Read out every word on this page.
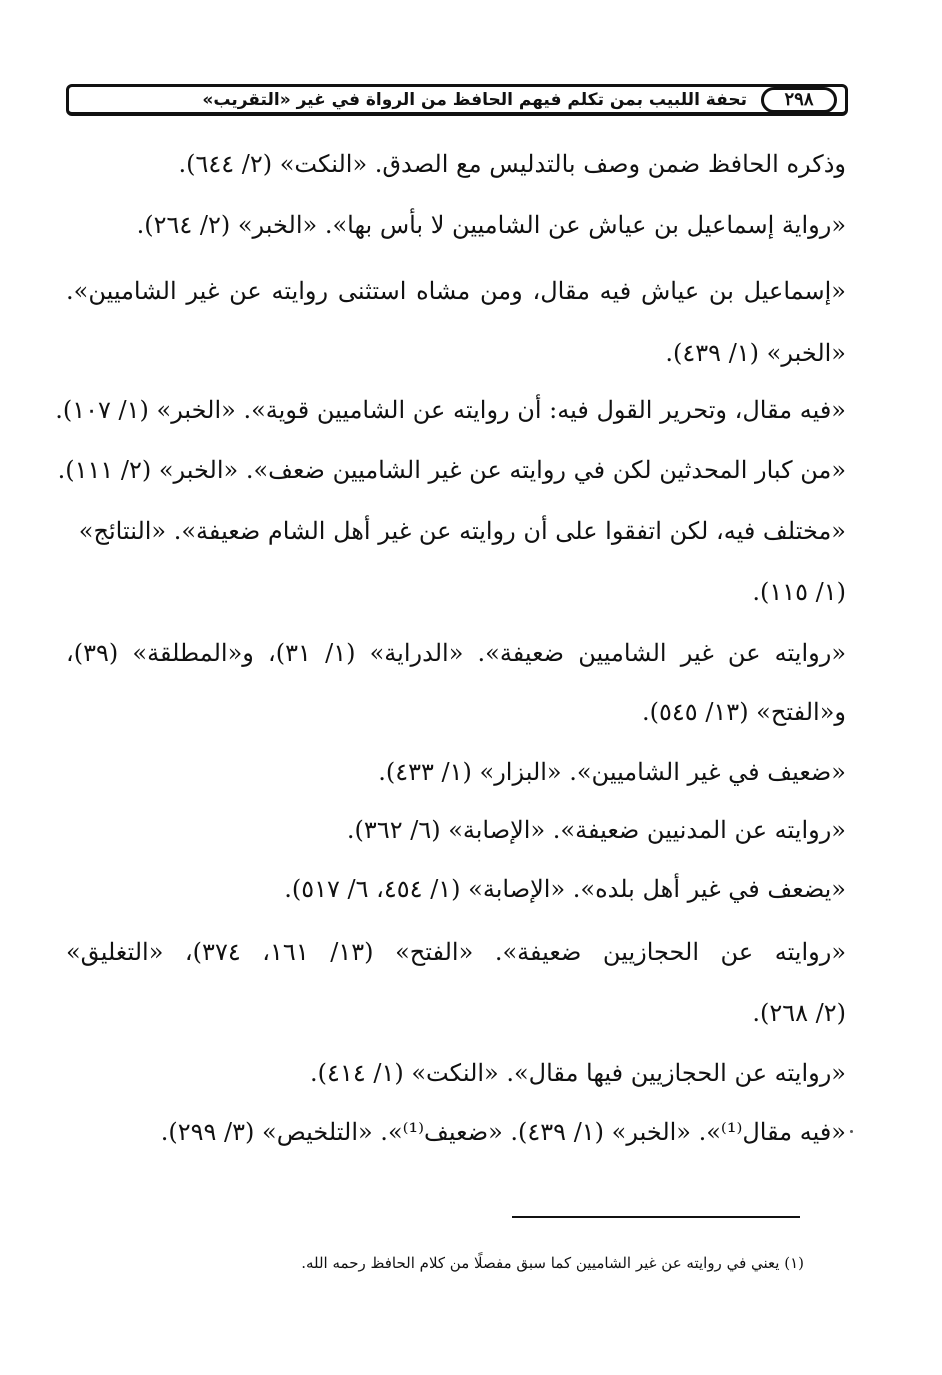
٢٩٨
تحفة اللبيب بمن تكلم فيهم الحافظ من الرواة في غير «التقريب»
وذكره الحافظ ضمن وصف بالتدليس مع الصدق. «النكت» (٢/ ٦٤٤).
«رواية إسماعيل بن عياش عن الشاميين لا بأس بها». «الخبر» (٢/ ٢٦٤).
«إسماعيل بن عياش فيه مقال، ومن مشاه استثنى روايته عن غير الشاميين».
«الخبر» (١/ ٤٣٩).
«فيه مقال، وتحرير القول فيه: أن روايته عن الشاميين قوية». «الخبر» (١/ ١٠٧).
«من كبار المحدثين لكن في روايته عن غير الشاميين ضعف». «الخبر» (٢/ ١١١).
«مختلف فيه، لكن اتفقوا على أن روايته عن غير أهل الشام ضعيفة». «النتائج»
(١/ ١١٥).
«روايته عن غير الشاميين ضعيفة». «الدراية» (١/ ٣١)، و«المطلقة» (٣٩)،
و«الفتح» (١٣/ ٥٤٥).
«ضعيف في غير الشاميين». «البزار» (١/ ٤٣٣).
«روايته عن المدنيين ضعيفة». «الإصابة» (٦/ ٣٦٢).
«يضعف في غير أهل بلده». «الإصابة» (١/ ٤٥٤، ٦/ ٥١٧).
«روايته عن الحجازيين ضعيفة». «الفتح» (١٣/ ١٦١، ٣٧٤)، «التغليق»
(٢/ ٢٦٨).
«روايته عن الحجازيين فيها مقال». «النكت» (١/ ٤١٤).
«فيه مقال⁽¹⁾». «الخبر» (١/ ٤٣٩). «ضعيف⁽¹⁾». «التلخيص» (٣/ ٢٩٩).
(١) يعني في روايته عن غير الشاميين كما سبق مفصلًا من كلام الحافظ رحمه الله.
